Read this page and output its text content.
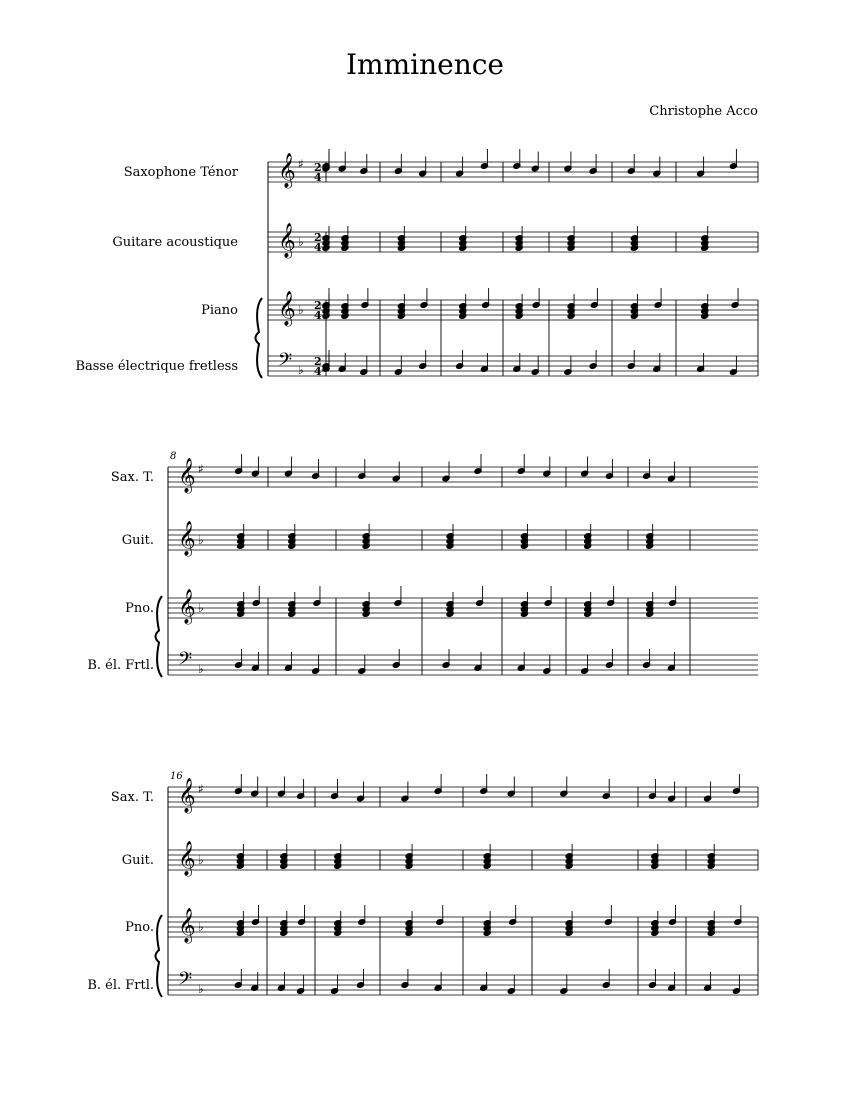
Imminence
Christophe Acco
𝄞
𝄞
𝄞
𝄢
♯
♭
♭
♭
2
4
2
4
2
4
2
4
Saxophone Ténor
Guitare acoustique
Piano
Basse électrique fretless
𝄞
𝄞
𝄞
𝄢
♯
♭
♭
♭
Sax. T.
Guit.
Pno.
B. él. Frtl.
8
𝄞
𝄞
𝄞
𝄢
♯
♭
♭
♭
Sax. T.
Guit.
Pno.
B. él. Frtl.
16
